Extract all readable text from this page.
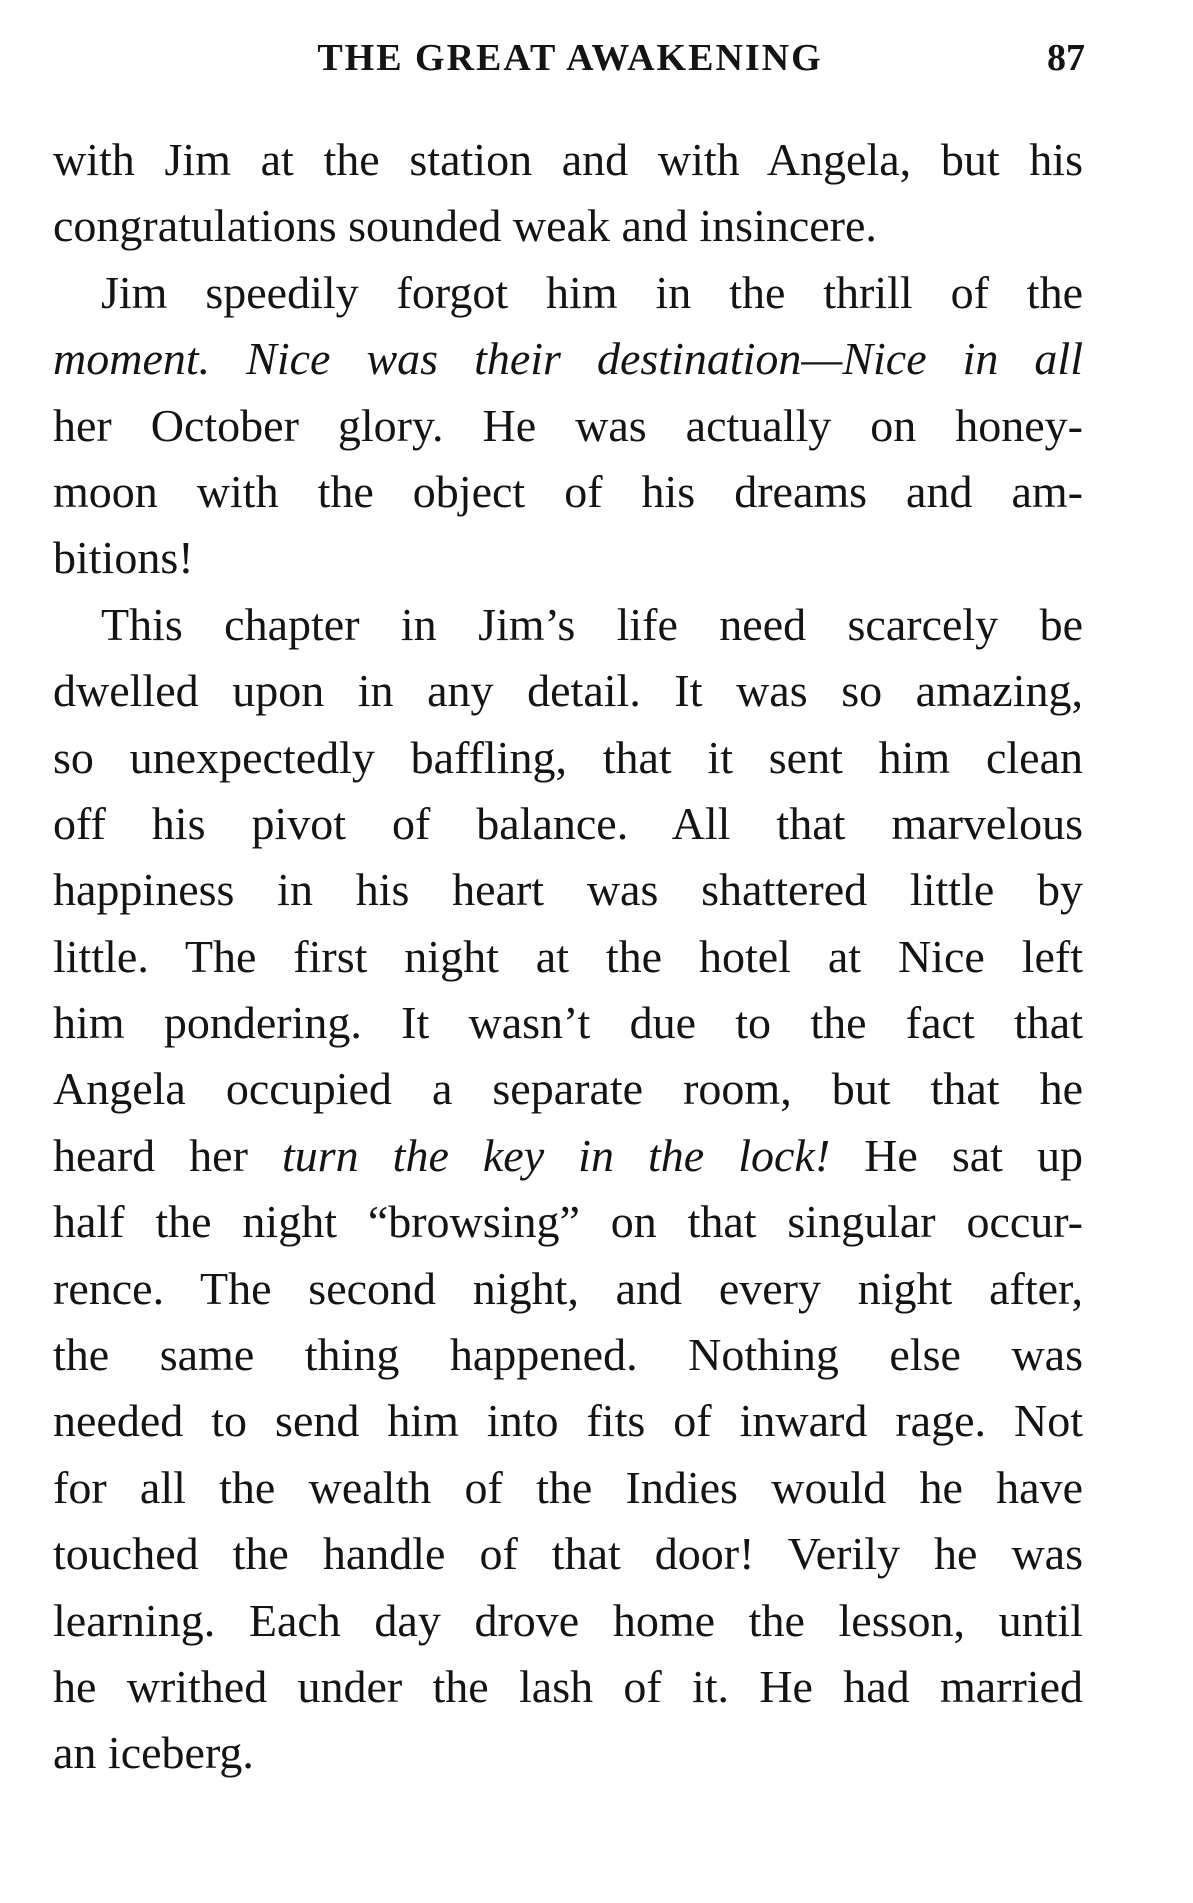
THE GREAT AWAKENING	87
with Jim at the station and with Angela, but his
congratulations sounded weak and insincere.
Jim speedily forgot him in the thrill of the
moment. Nice was their destination—Nice in all
her October glory. He was actually on honey-
moon with the object of his dreams and am-
bitions!
This chapter in Jim’s life need scarcely be
dwelled upon in any detail. It was so amazing,
so unexpectedly baffling, that it sent him clean
off his pivot of balance. All that marvelous
happiness in his heart was shattered little by
little. The first night at the hotel at Nice left
him pondering. It wasn’t due to the fact that
Angela occupied a separate room, but that he
heard her turn the key in the lock! He sat up
half the night “browsing” on that singular occur-
rence. The second night, and every night after,
the same thing happened. Nothing else was
needed to send him into fits of inward rage. Not
for all the wealth of the Indies would he have
touched the handle of that door! Verily he was
learning. Each day drove home the lesson, until
he writhed under the lash of it. He had married
an iceberg.
